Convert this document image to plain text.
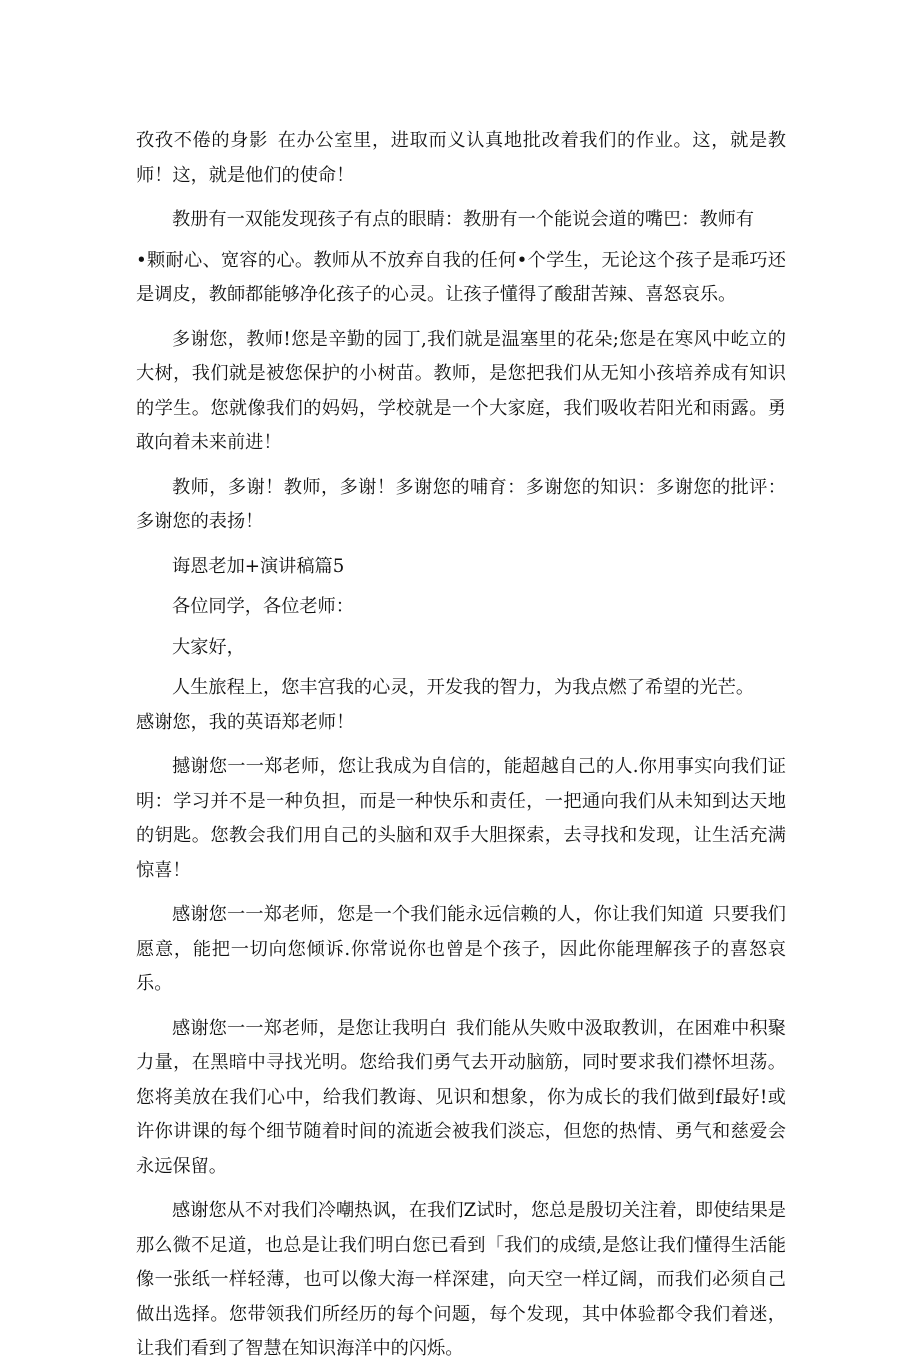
孜孜不倦的身影 在办公室里，进取而义认真地批改着我们的作业。这，就是教师！这，就是他们的使命！

教册有一双能发现孩子有点的眼睛：教册有一个能说会道的嘴巴：教师有

•颗耐心、宽容的心。教师从不放弃自我的任何•个学生，无论这个孩子是乖巧还是调皮，教師都能够净化孩子的心灵。让孩子懂得了酸甜苦辣、喜怒哀乐。

多谢您，教师!您是辛勤的园丁,我们就是温塞里的花朵;您是在寒风中屹立的大树，我们就是被您保护的小树苗。教师，是您把我们从无知小孩培养成有知识的学生。您就像我们的妈妈，学校就是一个大家庭，我们吸收若阳光和雨露。勇敢向着未来前进！

教师，多谢！教师，多谢！多谢您的哺育：多谢您的知识：多谢您的批评：多谢您的表扬！

诲恩老加+演讲稿篇5

各位同学，各位老师：

大家好，

人生旅程上，您丰宫我的心灵，开发我的智力，为我点燃了希望的光芒。

感谢您，我的英语郑老师！

撼谢您一一郑老师，您让我成为自信的，能超越自己的人.你用事实向我们证明：学习并不是一种负担，而是一种快乐和责任，一把通向我们从未知到达天地的钥匙。您教会我们用自己的头脑和双手大胆探索，去寻找和发现，让生活充满惊喜！

感谢您一一郑老师，您是一个我们能永远信赖的人，你让我们知道 只要我们愿意，能把一切向您倾诉.你常说你也曾是个孩子，因此你能理解孩子的喜怒哀乐。

感谢您一一郑老师，是您让我明白 我们能从失败中汲取教训，在困难中积聚力量，在黑暗中寻找光明。您给我们勇气去开动脑筋，同时要求我们襟怀坦荡。您将美放在我们心中，给我们教诲、见识和想象，你为成长的我们做到f最好!或许你讲课的每个细节随着时间的流逝会被我们淡忘，但您的热情、勇气和慈爱会永远保留。

感谢您从不对我们冷嘲热讽，在我们Z试时，您总是殷切关注着，即使结果是那么微不足道，也总是让我们明白您已看到「我们的成绩,是悠让我们懂得生活能像一张纸一样轻薄，也可以像大海一样深建，向天空一样辽阔，而我们必须自己做出选择。您带领我们所经历的每个问题，每个发现，其中体验都令我们着迷，让我们看到了智慧在知识海洋中的闪烁。
